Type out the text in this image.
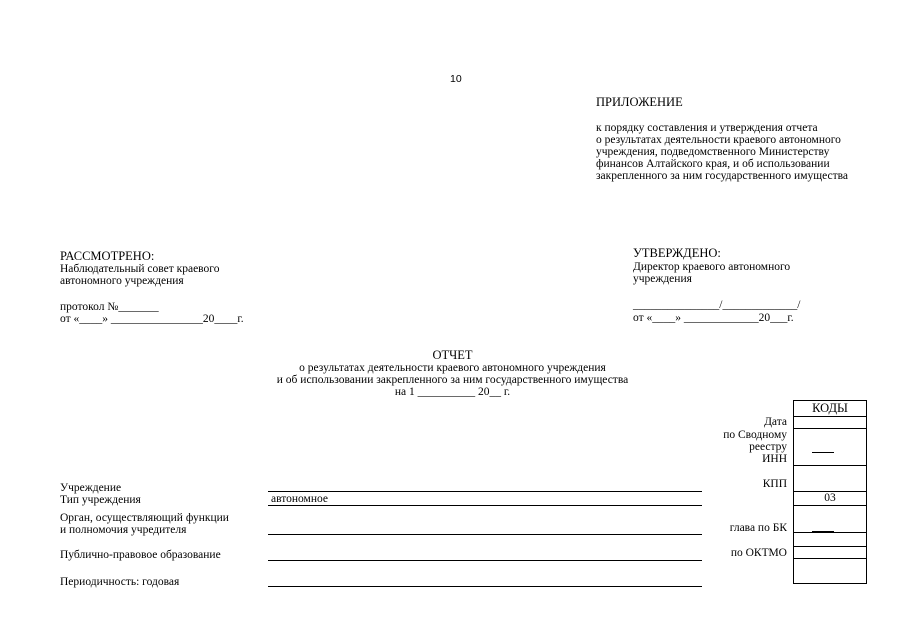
10
ПРИЛОЖЕНИЕ
к порядку составления и утверждения отчета
о результатах деятельности краевого автономного
учреждения, подведомственного Министерству
финансов Алтайского края, и об использовании
закрепленного за ним государственного имущества
РАССМОТРЕНО:
Наблюдательный совет краевого
автономного учреждения
протокол №_______
от «____» ________________20____г.
УТВЕРЖДЕНО:
Директор краевого автономного
учреждения
_______________/_____________/
от «____» _____________20___г.
ОТЧЕТ
о результатах деятельности краевого автономного учреждения
и об использовании закрепленного за ним государственного имущества
на 1 __________ 20__ г.
КОДЫ
03
Дата
по Сводному
реестру
ИНН
КПП
глава по БК
по ОКТМО
Учреждение
Тип учреждения	автономное
Орган, осуществляющий функции
и полномочия учредителя
Публично-правовое образование
Периодичность: годовая
